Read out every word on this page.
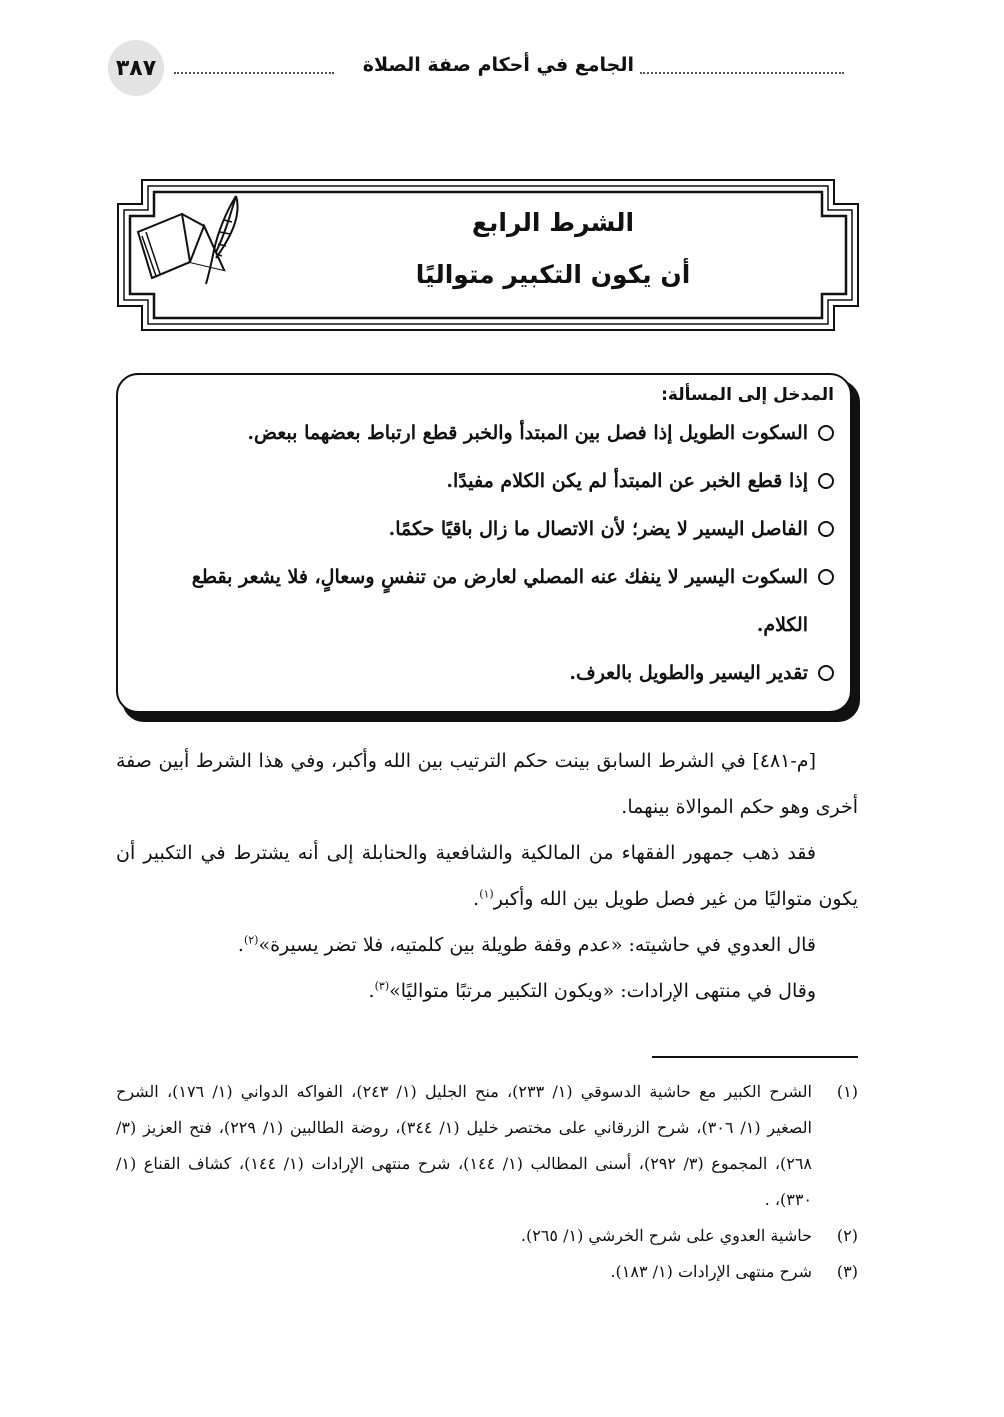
٣٨٧	الجامع في أحكام صفة الصلاة
الشرط الرابع
أن يكون التكبير متواليًا
المدخل إلى المسألة:
السكوت الطويل إذا فصل بين المبتدأ والخبر قطع ارتباط بعضهما ببعض.
إذا قطع الخبر عن المبتدأ لم يكن الكلام مفيدًا.
الفاصل اليسير لا يضر؛ لأن الاتصال ما زال باقيًا حكمًا.
السكوت اليسير لا ينفك عنه المصلي لعارض من تنفسٍ وسعالٍ، فلا يشعر بقطع الكلام.
تقدير اليسير والطويل بالعرف.

[م-٤٨١] في الشرط السابق بينت حكم الترتيب بين الله وأكبر، وفي هذا الشرط أبين صفة أخرى وهو حكم الموالاة بينهما.

فقد ذهب جمهور الفقهاء من المالكية والشافعية والحنابلة إلى أنه يشترط في التكبير أن يكون متواليًا من غير فصل طويل بين الله وأكبر$^{(١)}$.

قال العدوي في حاشيته: «عدم وقفة طويلة بين كلمتيه، فلا تضر يسيرة»$^{(٢)}$.

وقال في منتهى الإرادات: «ويكون التكبير مرتبًا متواليًا»$^{(٣)}$.

(١)
الشرح الكبير مع حاشية الدسوقي (١/ ٢٣٣)، منح الجليل (١/ ٢٤٣)، الفواكه الدواني (١/ ١٧٦)، الشرح الصغير (١/ ٣٠٦)، شرح الزرقاني على مختصر خليل (١/ ٣٤٤)، روضة الطالبين (١/ ٢٢٩)، فتح العزيز (٣/ ٢٦٨)، المجموع (٣/ ٢٩٢)، أسنى المطالب (١/ ١٤٤)، شرح منتهى الإرادات (١/ ١٤٤)، كشاف القناع (١/ ٣٣٠)، .
(٢)
حاشية العدوي على شرح الخرشي (١/ ٢٦٥).
(٣)
شرح منتهى الإرادات (١/ ١٨٣).
